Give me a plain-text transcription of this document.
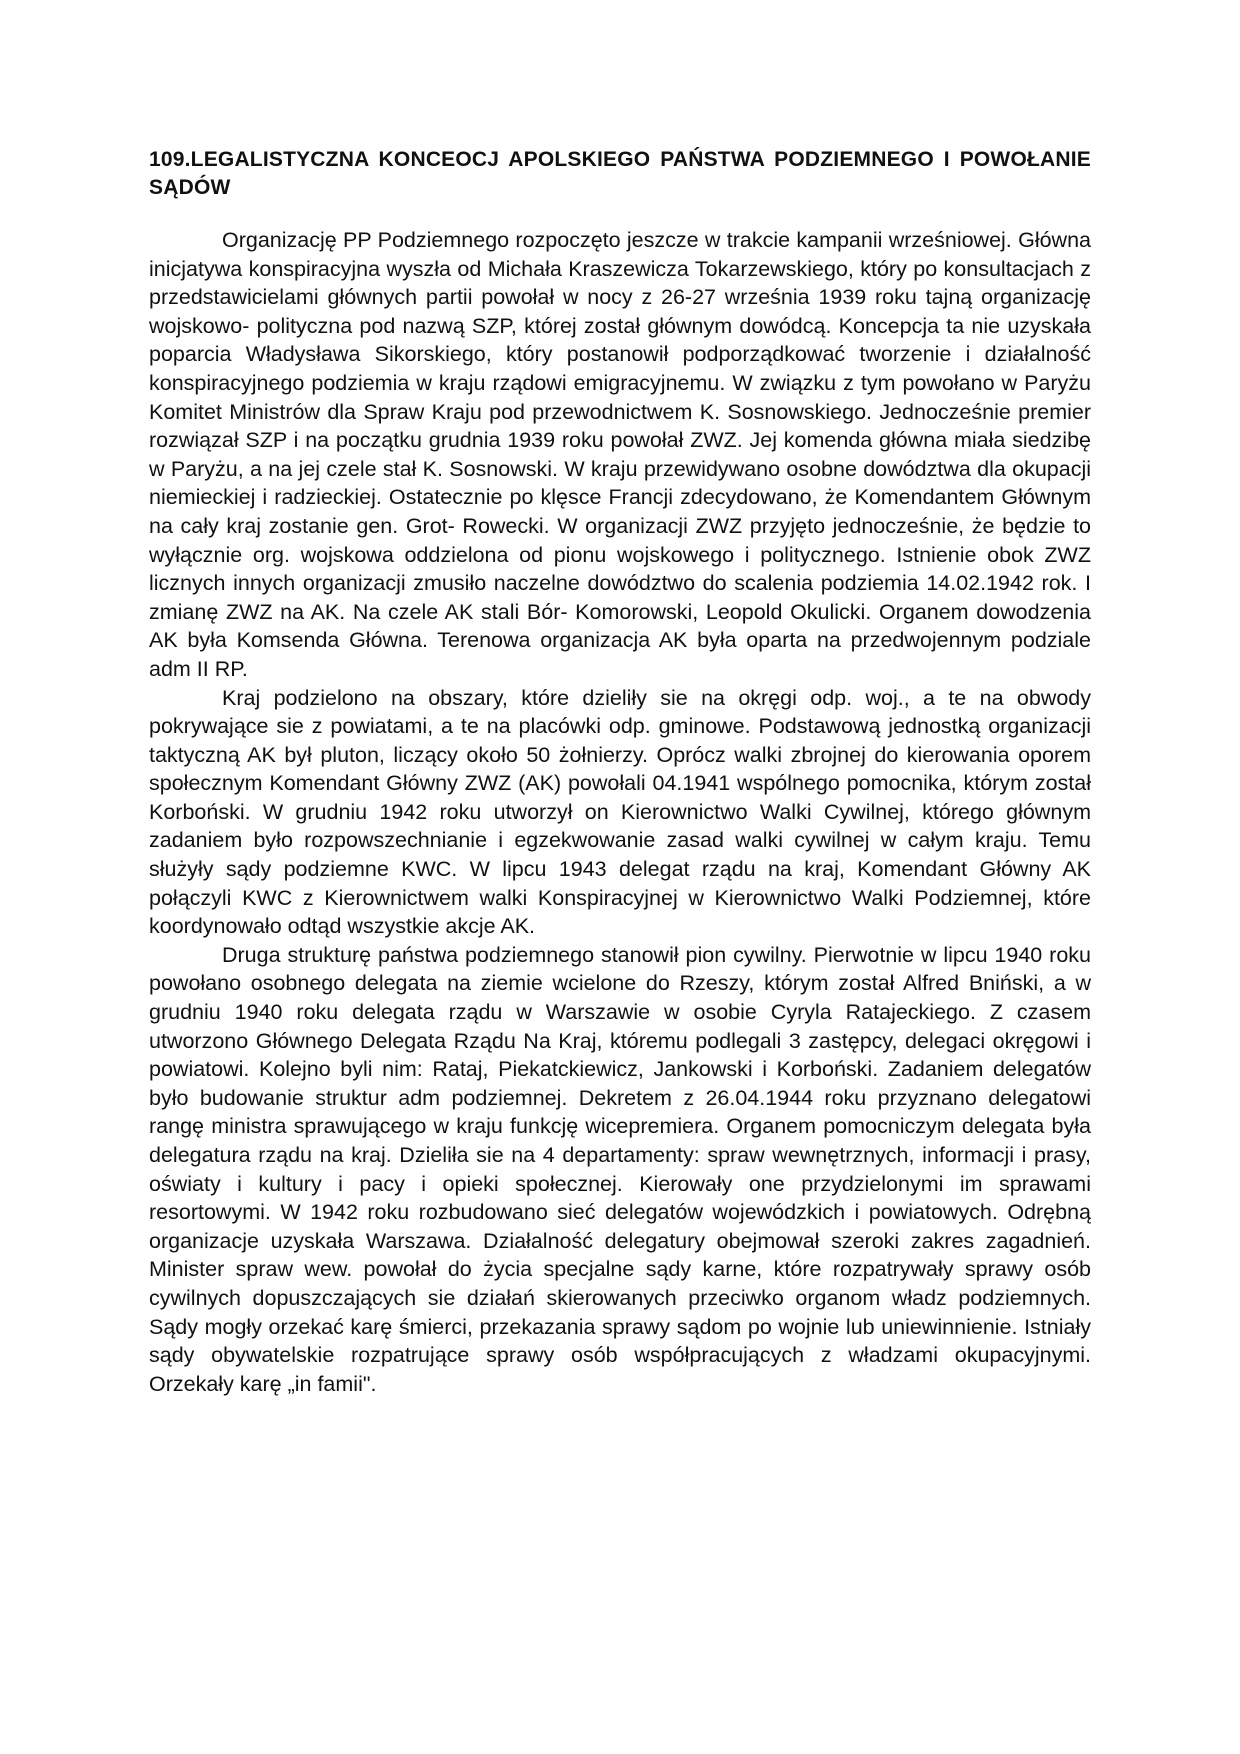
109.LEGALISTYCZNA KONCEOCJ APOLSKIEGO PAŃSTWA PODZIEMNEGO I POWOŁANIE SĄDÓW

Organizację PP Podziemnego rozpoczęto jeszcze w trakcie kampanii wrześniowej. Główna inicjatywa konspiracyjna wyszła od Michała Kraszewicza Tokarzewskiego, który po konsultacjach z przedstawicielami głównych partii powołał w nocy z 26-27 września 1939 roku tajną organizację wojskowo- polityczna pod nazwą SZP, której został głównym dowódcą. Koncepcja ta nie uzyskała poparcia Władysława Sikorskiego, który postanowił podporządkować tworzenie i działalność konspiracyjnego podziemia w kraju rządowi emigracyjnemu. W związku z tym powołano w Paryżu Komitet Ministrów dla Spraw Kraju pod przewodnictwem K. Sosnowskiego. Jednocześnie premier rozwiązał SZP i na początku grudnia 1939 roku powołał ZWZ. Jej komenda główna miała siedzibę w Paryżu, a na jej czele stał K. Sosnowski. W kraju przewidywano osobne dowództwa dla okupacji niemieckiej i radzieckiej. Ostatecznie po klęsce Francji zdecydowano, że Komendantem Głównym na cały kraj zostanie gen. Grot- Rowecki. W organizacji ZWZ przyjęto jednocześnie, że będzie to wyłącznie org. wojskowa oddzielona od pionu wojskowego i politycznego. Istnienie obok ZWZ licznych innych organizacji zmusiło naczelne dowództwo do scalenia podziemia 14.02.1942 rok. I zmianę ZWZ na AK. Na czele AK stali Bór- Komorowski, Leopold Okulicki. Organem dowodzenia AK była Komsenda Główna. Terenowa organizacja AK była oparta na przedwojennym podziale adm II RP.

Kraj podzielono na obszary, które dzieliły sie na okręgi odp. woj., a te na obwody pokrywające sie z powiatami, a te na placówki odp. gminowe. Podstawową jednostką organizacji taktyczną AK był pluton, liczący około 50 żołnierzy. Oprócz walki zbrojnej do kierowania oporem społecznym Komendant Główny ZWZ (AK) powołali 04.1941 wspólnego pomocnika, którym został Korboński. W grudniu 1942 roku utworzył on Kierownictwo Walki Cywilnej, którego głównym zadaniem było rozpowszechnianie i egzekwowanie zasad walki cywilnej w całym kraju. Temu służyły sądy podziemne KWC. W lipcu 1943 delegat rządu na kraj, Komendant Główny AK połączyli KWC z Kierownictwem walki Konspiracyjnej w Kierownictwo Walki Podziemnej, które koordynowało odtąd wszystkie akcje AK.

Druga strukturę państwa podziemnego stanowił pion cywilny. Pierwotnie w lipcu 1940 roku powołano osobnego delegata na ziemie wcielone do Rzeszy, którym został Alfred Bniński, a w grudniu 1940 roku delegata rządu w Warszawie w osobie Cyryla Ratajeckiego. Z czasem utworzono Głównego Delegata Rządu Na Kraj, któremu podlegali 3 zastępcy, delegaci okręgowi i powiatowi. Kolejno byli nim: Rataj, Piekatckiewicz, Jankowski i Korboński. Zadaniem delegatów było budowanie struktur adm podziemnej. Dekretem z 26.04.1944 roku przyznano delegatowi rangę ministra sprawującego w kraju funkcję wicepremiera. Organem pomocniczym delegata była delegatura rządu na kraj. Dzieliła sie na 4 departamenty: spraw wewnętrznych, informacji i prasy, oświaty i kultury i pacy i opieki społecznej. Kierowały one przydzielonymi im sprawami resortowymi. W 1942 roku rozbudowano sieć delegatów wojewódzkich i powiatowych. Odrębną organizacje uzyskała Warszawa. Działalność delegatury obejmował szeroki zakres zagadnień. Minister spraw wew. powołał do życia specjalne sądy karne, które rozpatrywały sprawy osób cywilnych dopuszczających sie działań skierowanych przeciwko organom władz podziemnych. Sądy mogły orzekać karę śmierci, przekazania sprawy sądom po wojnie lub uniewinnienie. Istniały sądy obywatelskie rozpatrujące sprawy osób współpracujących z władzami okupacyjnymi. Orzekały karę „in famii".
